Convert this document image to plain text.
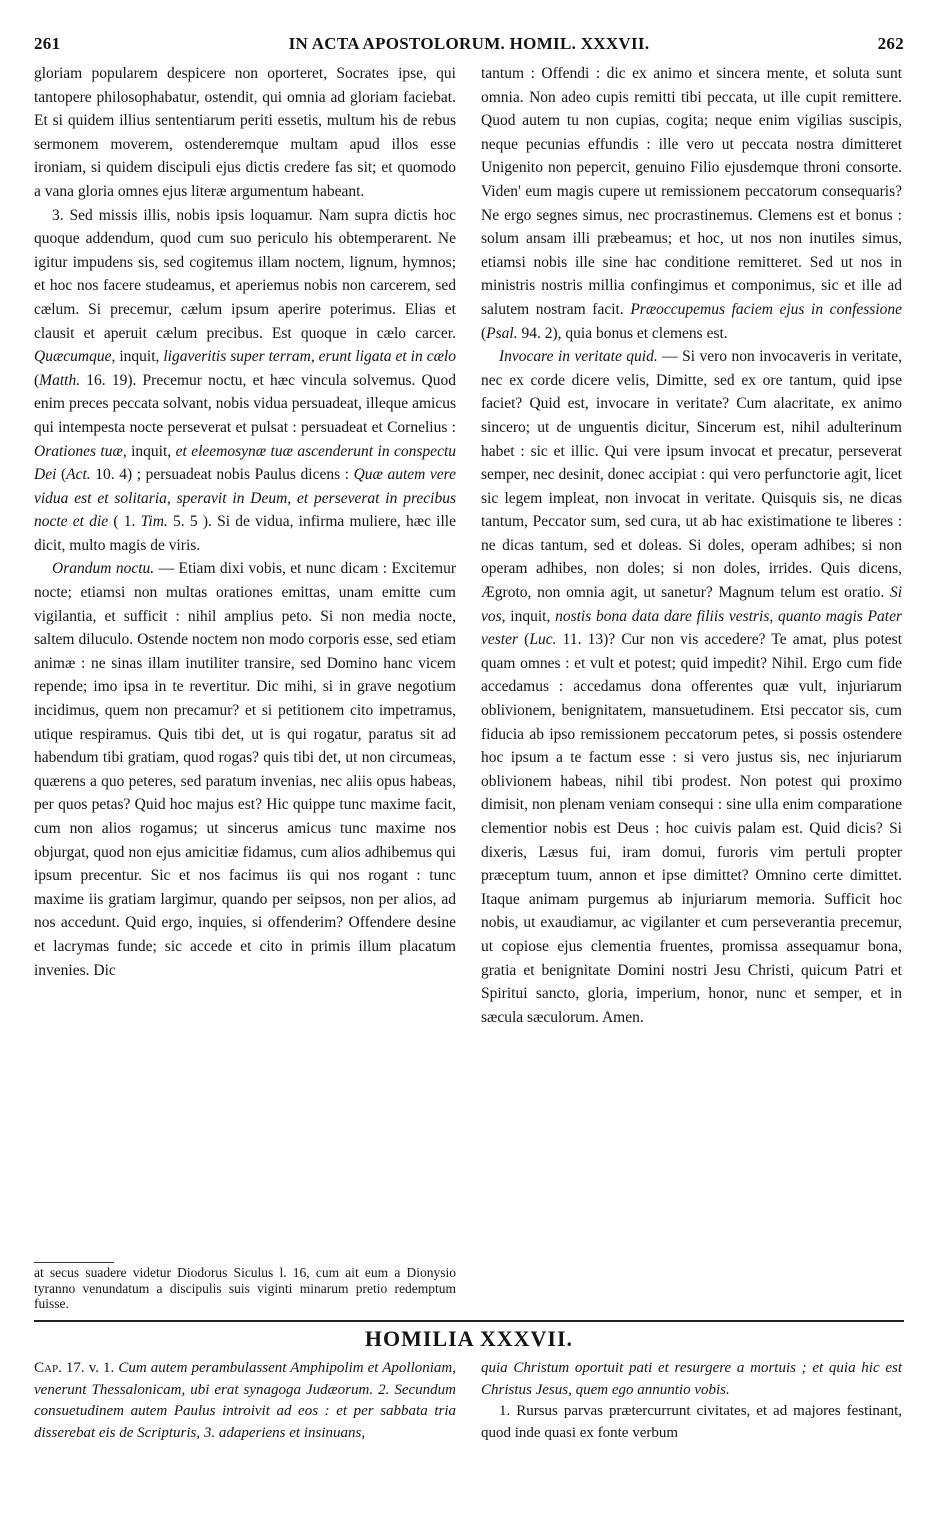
261	IN ACTA APOSTOLORUM. HOMIL. XXXVII.	262

gloriam popularem despicere non oporteret, Socrates ipse, qui tantopere philosophabatur, ostendit, qui omnia ad gloriam faciebat. Et si quidem illius sententiarum periti essetis, multum his de rebus sermonem moverem, ostenderemque multam apud illos esse ironiam, si quidem discipuli ejus dictis credere fas sit; et quomodo a vana gloria omnes ejus literæ argumentum habeant.

3. Sed missis illis, nobis ipsis loquamur. Nam supra dictis hoc quoque addendum, quod cum suo periculo his obtemperarent. Ne igitur impudens sis, sed cogitemus illam noctem, lignum, hymnos; et hoc nos facere studeamus, et aperiemus nobis non carcerem, sed cælum. Si precemur, cælum ipsum aperire poterimus. Elias et clausit et aperuit cælum precibus. Est quoque in cælo carcer. Quæcumque, inquit, ligaveritis super terram, erunt ligata et in cælo (Matth. 16. 19). Precemur noctu, et hæc vincula solvemus. Quod enim preces peccata solvant, nobis vidua persuadeat, illeque amicus qui intempesta nocte perseverat et pulsat : persuadeat et Cornelius : Orationes tuæ, inquit, et eleemosynæ tuæ ascenderunt in conspectu Dei (Act. 10. 4) ; persuadeat nobis Paulus dicens : Quæ autem vere vidua est et solitaria, speravit in Deum, et perseverat in precibus nocte et die ( 1. Tim. 5. 5 ). Si de vidua, infirma muliere, hæc ille dicit, multo magis de viris.

Orandum noctu. — Etiam dixi vobis, et nunc dicam : Excitemur nocte; etiamsi non multas orationes emittas, unam emitte cum vigilantia, et sufficit : nihil amplius peto. Si non media nocte, saltem diluculo. Ostende noctem non modo corporis esse, sed etiam animæ : ne sinas illam inutiliter transire, sed Domino hanc vicem repende; imo ipsa in te revertitur. Dic mihi, si in grave negotium incidimus, quem non precamur? et si petitionem cito impetramus, utique respiramus. Quis tibi det, ut is qui rogatur, paratus sit ad habendum tibi gratiam, quod rogas? quis tibi det, ut non circumeas, quærens a quo peteres, sed paratum invenias, nec aliis opus habeas, per quos petas? Quid hoc majus est? Hic quippe tunc maxime facit, cum non alios rogamus; ut sincerus amicus tunc maxime nos objurgat, quod non ejus amicitiæ fidamus, cum alios adhibemus qui ipsum precentur. Sic et nos facimus iis qui nos rogant : tunc maxime iis gratiam largimur, quando per seipsos, non per alios, ad nos accedunt. Quid ergo, inquies, si offenderim? Offendere desine et lacrymas funde; sic accede et cito in primis illum placatum invenies. Dic

at secus suadere videtur Diodorus Siculus l. 16, cum ait eum a Dionysio tyranno venundatum a discipulis suis viginti minarum pretio redemptum fuisse.

tantum : Offendi : dic ex animo et sincera mente, et soluta sunt omnia. Non adeo cupis remitti tibi peccata, ut ille cupit remittere. Quod autem tu non cupias, cogita; neque enim vigilias suscipis, neque pecunias effundis : ille vero ut peccata nostra dimitteret Unigenito non pepercit, genuino Filio ejusdemque throni consorte. Viden' eum magis cupere ut remissionem peccatorum consequaris? Ne ergo segnes simus, nec procrastinemus. Clemens est et bonus : solum ansam illi præbeamus; et hoc, ut nos non inutiles simus, etiamsi nobis ille sine hac conditione remitteret. Sed ut nos in ministris nostris millia confingimus et componimus, sic et ille ad salutem nostram facit. Præoccupemus faciem ejus in confessione (Psal. 94. 2), quia bonus et clemens est.

Invocare in veritate quid. — Si vero non invocaveris in veritate, nec ex corde dicere velis, Dimitte, sed ex ore tantum, quid ipse faciet? Quid est, invocare in veritate? Cum alacritate, ex animo sincero; ut de unguentis dicitur, Sincerum est, nihil adulterinum habet : sic et illic. Qui vere ipsum invocat et precatur, perseverat semper, nec desinit, donec accipiat : qui vero perfunctorie agit, licet sic legem impleat, non invocat in veritate. Quisquis sis, ne dicas tantum, Peccator sum, sed cura, ut ab hac existimatione te liberes : ne dicas tantum, sed et doleas. Si doles, operam adhibes; si non operam adhibes, non doles; si non doles, irrides. Quis dicens, Ægroto, non omnia agit, ut sanetur? Magnum telum est oratio. Si vos, inquit, nostis bona data dare filiis vestris, quanto magis Pater vester (Luc. 11. 13)? Cur non vis accedere? Te amat, plus potest quam omnes : et vult et potest; quid impedit? Nihil. Ergo cum fide accedamus : accedamus dona offerentes quæ vult, injuriarum oblivionem, benignitatem, mansuetudinem. Etsi peccator sis, cum fiducia ab ipso remissionem peccatorum petes, si possis ostendere hoc ipsum a te factum esse : si vero justus sis, nec injuriarum oblivionem habeas, nihil tibi prodest. Non potest qui proximo dimisit, non plenam veniam consequi : sine ulla enim comparatione clementior nobis est Deus : hoc cuivis palam est. Quid dicis? Si dixeris, Læsus fui, iram domui, furoris vim pertuli propter præceptum tuum, annon et ipse dimittet? Omnino certe dimittet. Itaque animam purgemus ab injuriarum memoria. Sufficit hoc nobis, ut exaudiamur, ac vigilanter et cum perseverantia precemur, ut copiose ejus clementia fruentes, promissa assequamur bona, gratia et benignitate Domini nostri Jesu Christi, quicum Patri et Spiritui sancto, gloria, imperium, honor, nunc et semper, et in sæcula sæculorum. Amen.

HOMILIA XXXVII.
Cap. 17. v. 1. Cum autem perambulassent Amphipolim et Apolloniam, venerunt Thessalonicam, ubi erat synagoga Judæorum. 2. Secundum consuetudinem autem Paulus introivit ad eos : et per sabbata tria disserebat eis de Scripturis, 3. adaperiens et insinuans,
quia Christum oportuit pati et resurgere a mortuis ; et quia hic est Christus Jesus, quem ego annuntio vobis.
1. Rursus parvas prætercurrunt civitates, et ad majores festinant, quod inde quasi ex fonte verbum
